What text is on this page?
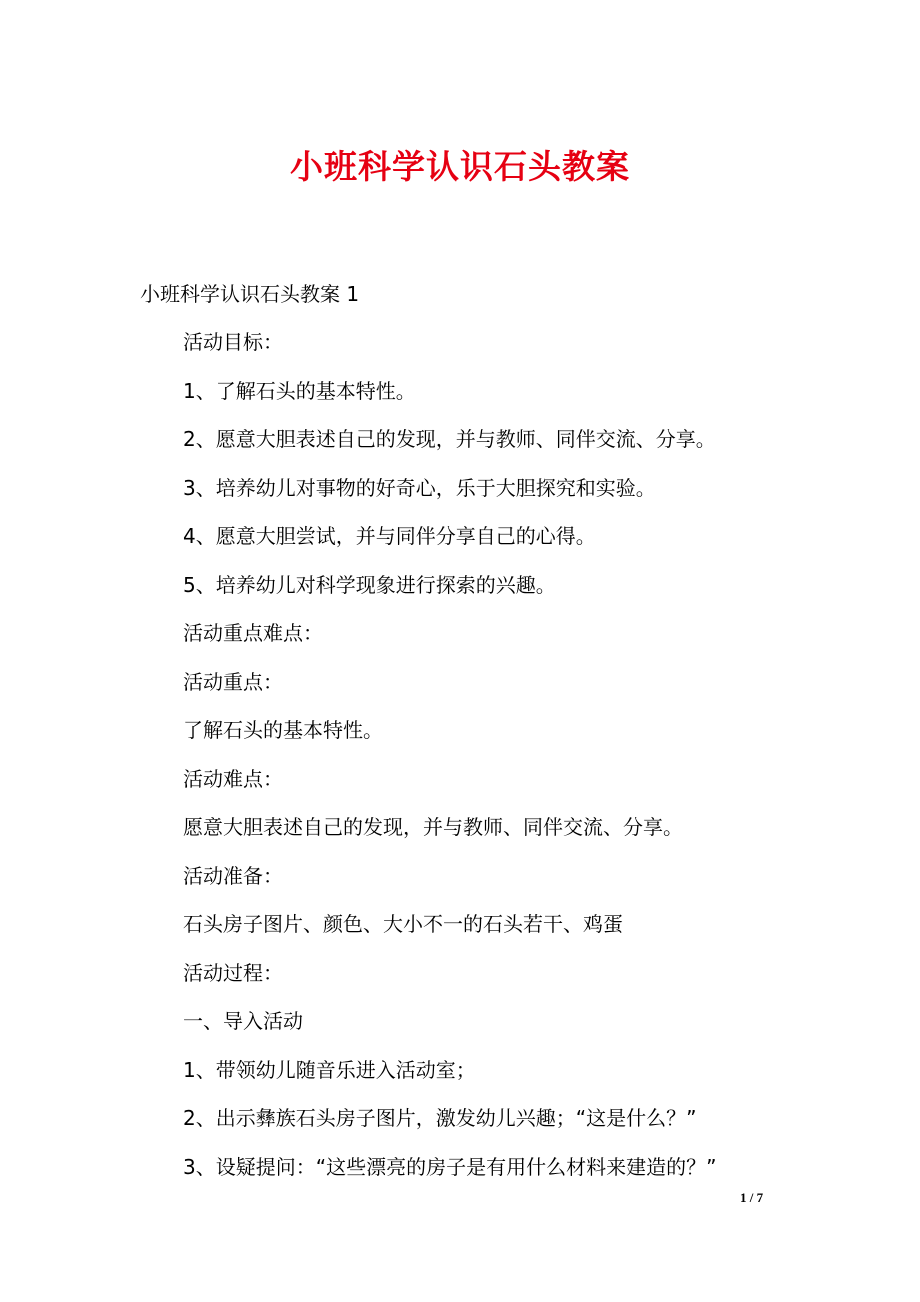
小班科学认识石头教案
小班科学认识石头教案 1
活动目标：
1、了解石头的基本特性。
2、愿意大胆表述自己的发现，并与教师、同伴交流、分享。
3、培养幼儿对事物的好奇心，乐于大胆探究和实验。
4、愿意大胆尝试，并与同伴分享自己的心得。
5、培养幼儿对科学现象进行探索的兴趣。
活动重点难点：
活动重点：
了解石头的基本特性。
活动难点：
愿意大胆表述自己的发现，并与教师、同伴交流、分享。
活动准备：
石头房子图片、颜色、大小不一的石头若干、鸡蛋
活动过程：
一、导入活动
1、带领幼儿随音乐进入活动室；
2、出示彝族石头房子图片，激发幼儿兴趣；“这是什么？”
3、设疑提问：“这些漂亮的房子是有用什么材料来建造的？”
1 / 7
